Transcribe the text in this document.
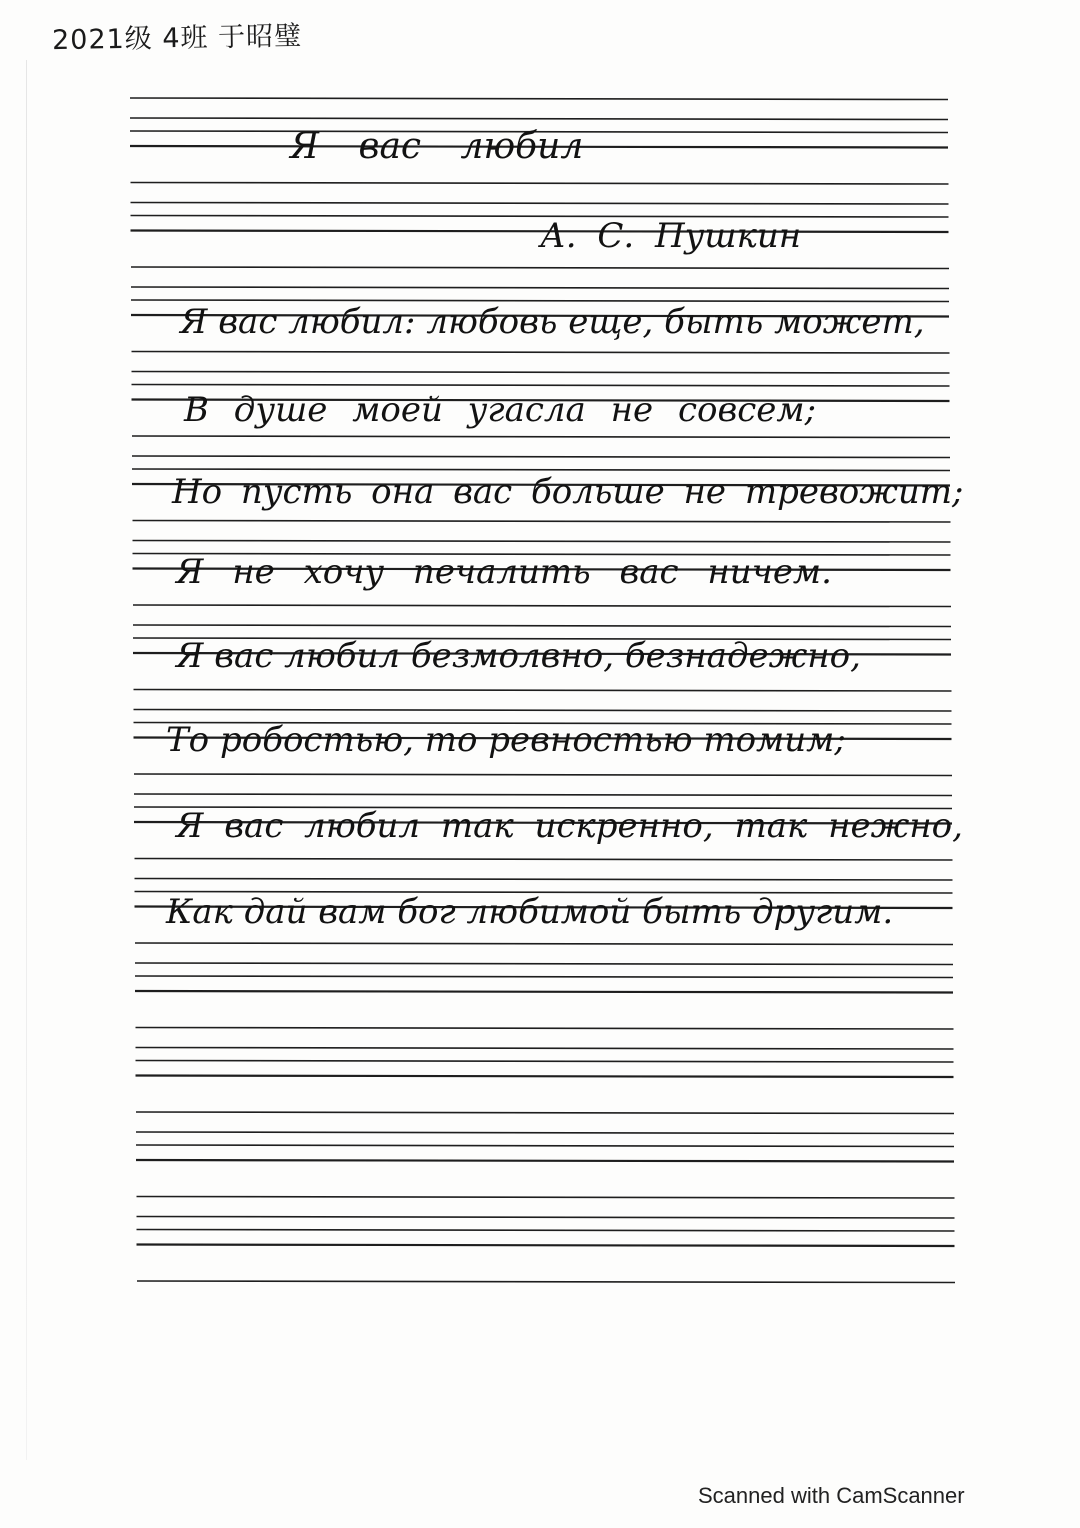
2021级 4班 于昭璧
Я вас любил
А. С. Пушкин
Я вас любил: любовь еще, быть может,
В душе моей угасла не совсем;
Но пусть она вас больше не тревожит;
Я не хочу печалить вас ничем.
Я вас любил безмолвно, безнадежно,
То робостью, то ревностью томим;
Я вас любил так искренно, так нежно,
Как дай вам бог любимой быть другим.
Scanned with CamScanner
